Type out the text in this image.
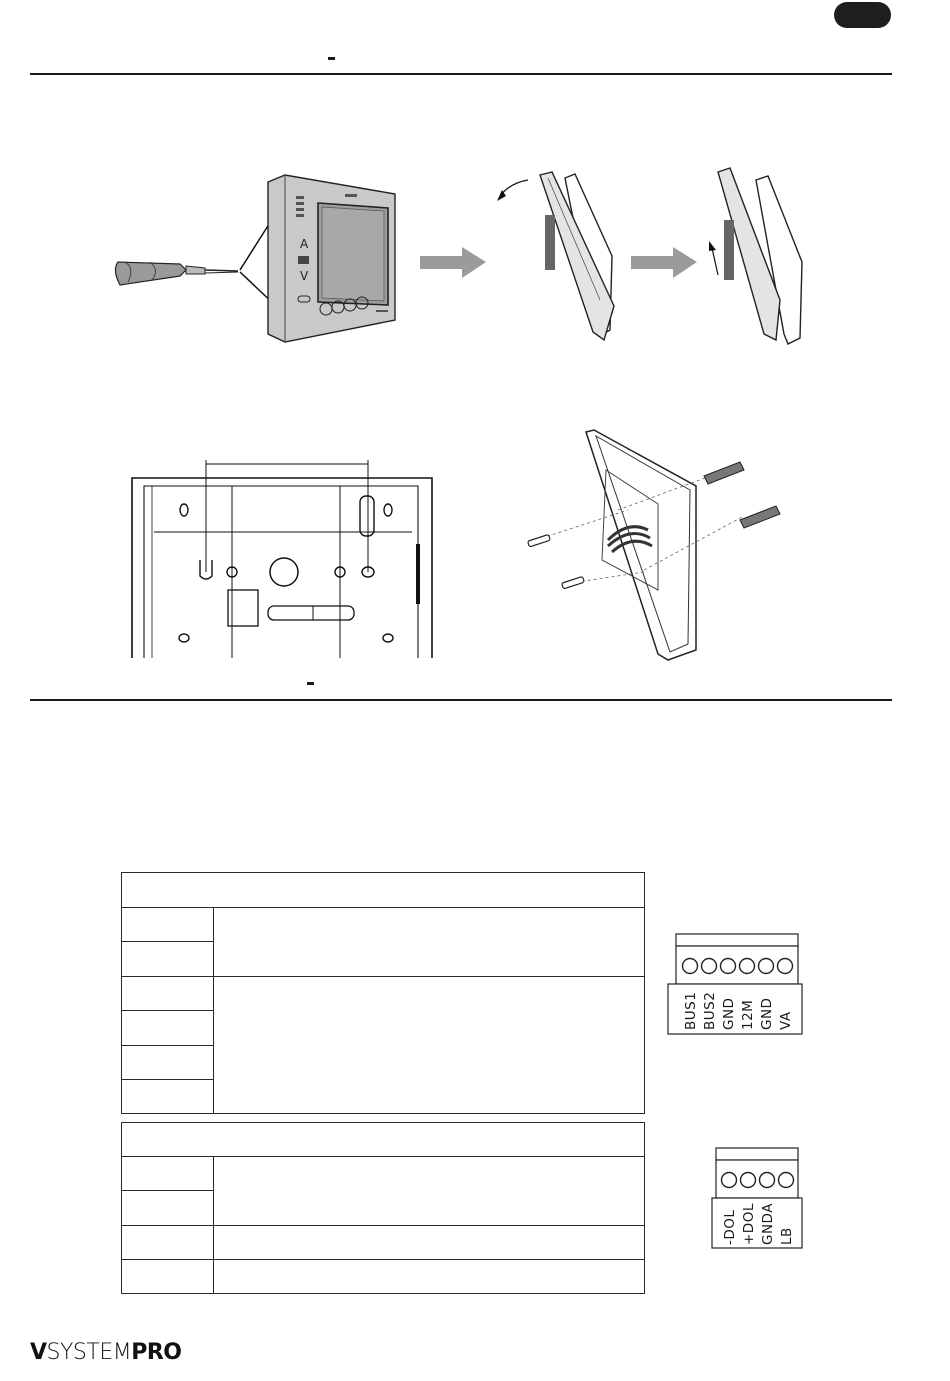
A
V

BUS1 BUS2 GND 12M GND VA
-DOL +DOL GNDA LB
VSYSTEMPRO
